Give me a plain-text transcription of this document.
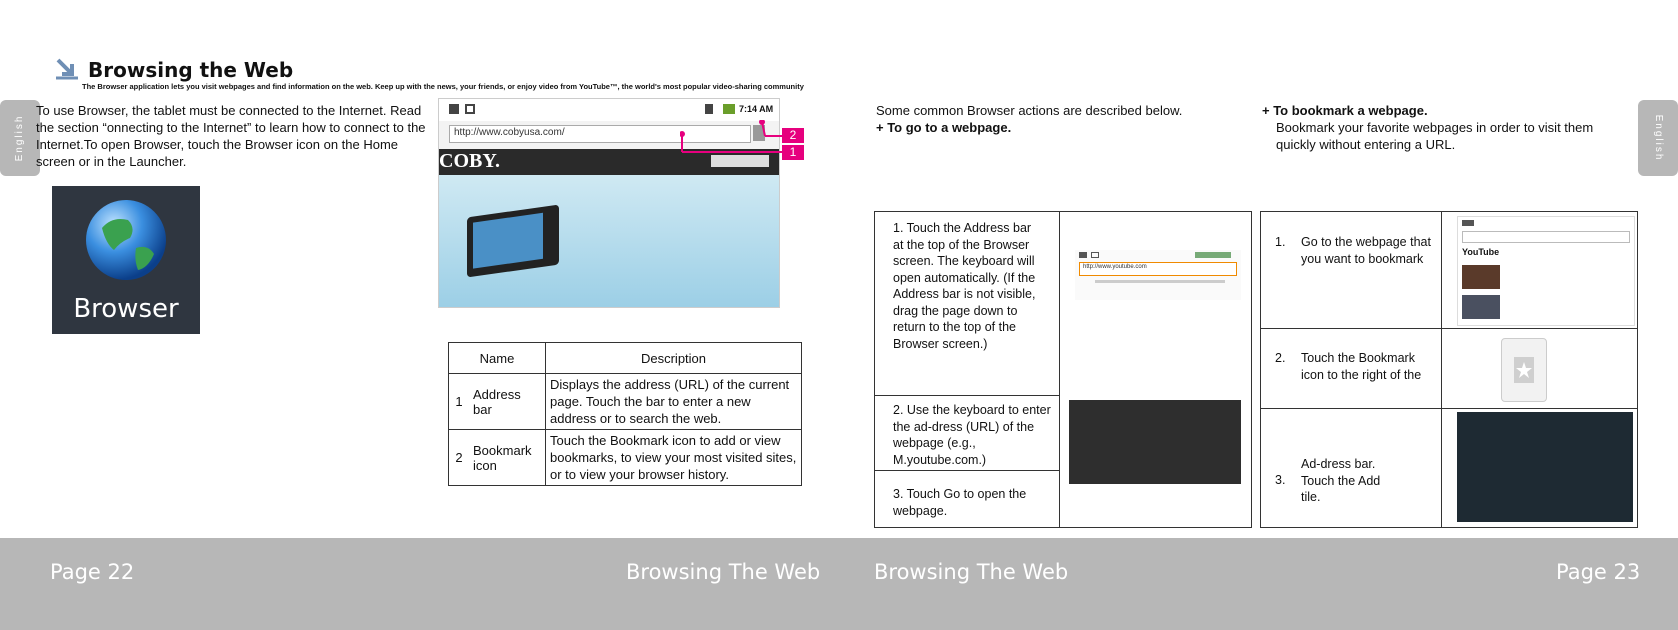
English	English
Browsing the Web
The Browser application lets you visit webpages and find information on the web. Keep up with the news, your friends, or enjoy video from YouTube™, the world's most popular video-sharing community
To use Browser, the tablet must be connected to the Internet. Read the section “onnecting to the Internet” to learn how to connect to the Internet.To open Browser, touch the Browser icon on the Home screen or in the Launcher.
Browser
7:14 AM
http://www.cobyusa.com/
COBY.
2
1
Name		Description
1	Address bar	Displays the address (URL) of the current page. Touch the bar to enter a new address or to search the web.
2	Bookmark icon	Touch the Bookmark icon to add or view bookmarks, to view your most visited sites, or to view your browser history.
Some common Browser actions are described below.
+ To go to a webpage.
+ To bookmark a webpage.
Bookmark your favorite webpages in order to visit them quickly without entering a URL.
1. Touch the Address bar at the top of the Browser screen. The keyboard will open automatically. (If the Address bar is not visible, drag the page down to return to the top of the Browser screen.)
2. Use the keyboard to enter the ad-dress (URL) of the webpage (e.g., M.youtube.com.)
3. Touch Go to open the webpage.
http://www.youtube.com
1. Go to the webpage that you want to bookmark
2. Touch the Bookmark icon to the right of the
3.
Ad-dress bar. Touch the Add tile.
YouTube
Page 22	Browsing The Web	Browsing The Web	Page 23
